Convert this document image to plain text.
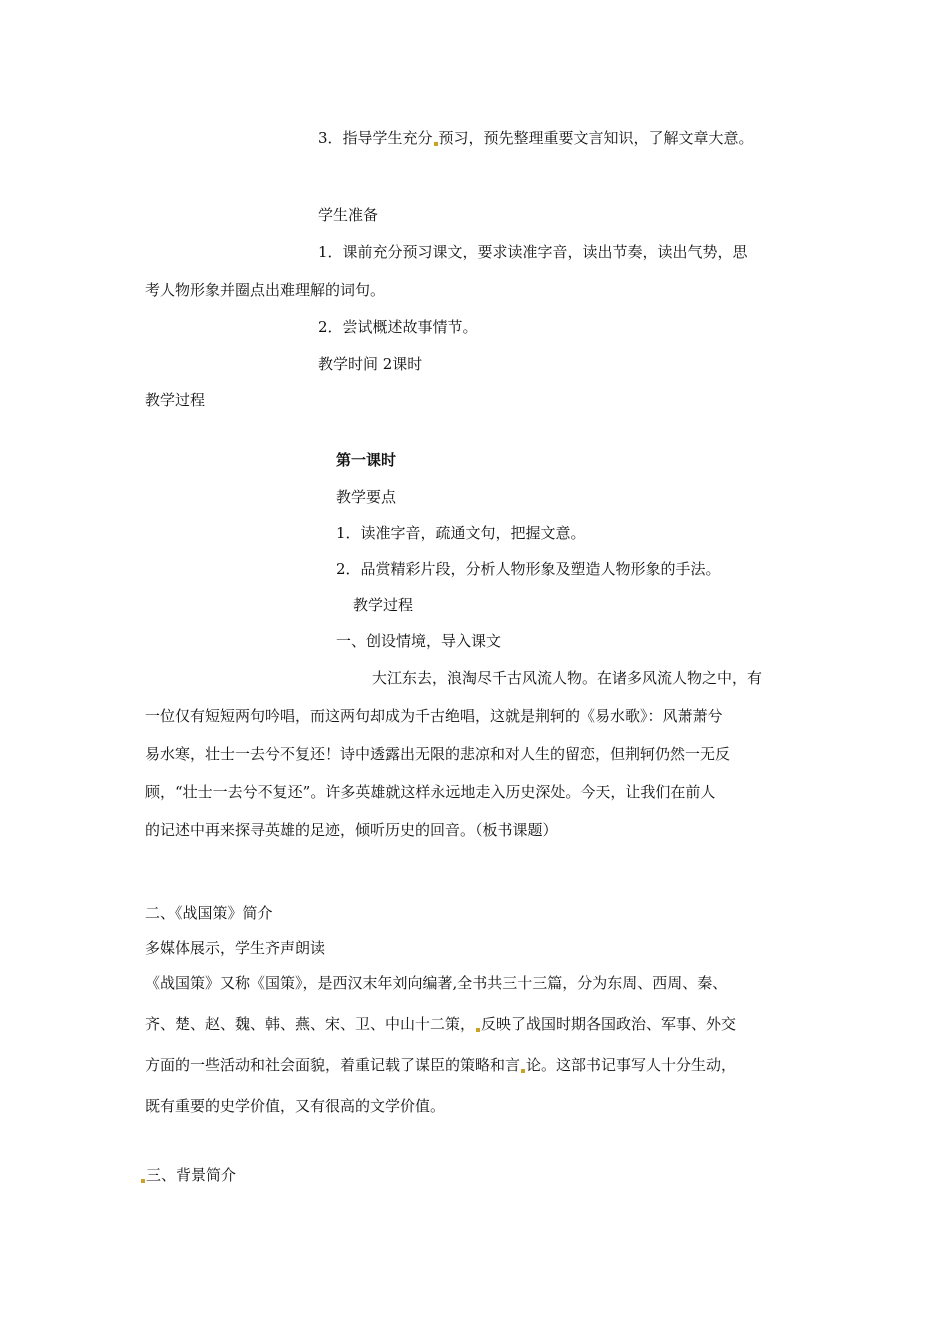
3．指导学生充分 预习，预先整理重要文言知识，了解文章大意。
学生准备
1．课前充分预习课文，要求读准字音，读出节奏，读出气势，思
考人物形象并圈点出难理解的词句。
2．尝试概述故事情节。
教学时间 2课时
教学过程
第一课时
教学要点
1．读准字音，疏通文句，把握文意。
2．品赏精彩片段，分析人物形象及塑造人物形象的手法。
教学过程
一、创设情境，导入课文
大江东去，浪淘尽千古风流人物。在诸多风流人物之中，有
一位仅有短短两句吟唱，而这两句却成为千古绝唱，这就是荆轲的《易水歌》：风萧萧兮
易水寒，壮士一去兮不复还！诗中透露出无限的悲凉和对人生的留恋，但荆轲仍然一无反
顾，“壮士一去兮不复还”。许多英雄就这样永远地走入历史深处。今天，让我们在前人
的记述中再来探寻英雄的足迹，倾听历史的回音。（板书课题）
二、《战国策》简介
多媒体展示，学生齐声朗读
《战国策》又称《国策》，是西汉末年刘向编著,全书共三十三篇，分为东周、西周、秦、
齐、楚、赵、魏、韩、燕、宋、卫、中山十二策， 反映了战国时期各国政治、军事、外交
方面的一些活动和社会面貌，着重记载了谋臣的策略和言 论。这部书记事写人十分生动，
既有重要的史学价值，又有很高的文学价值。
三、背景简介
